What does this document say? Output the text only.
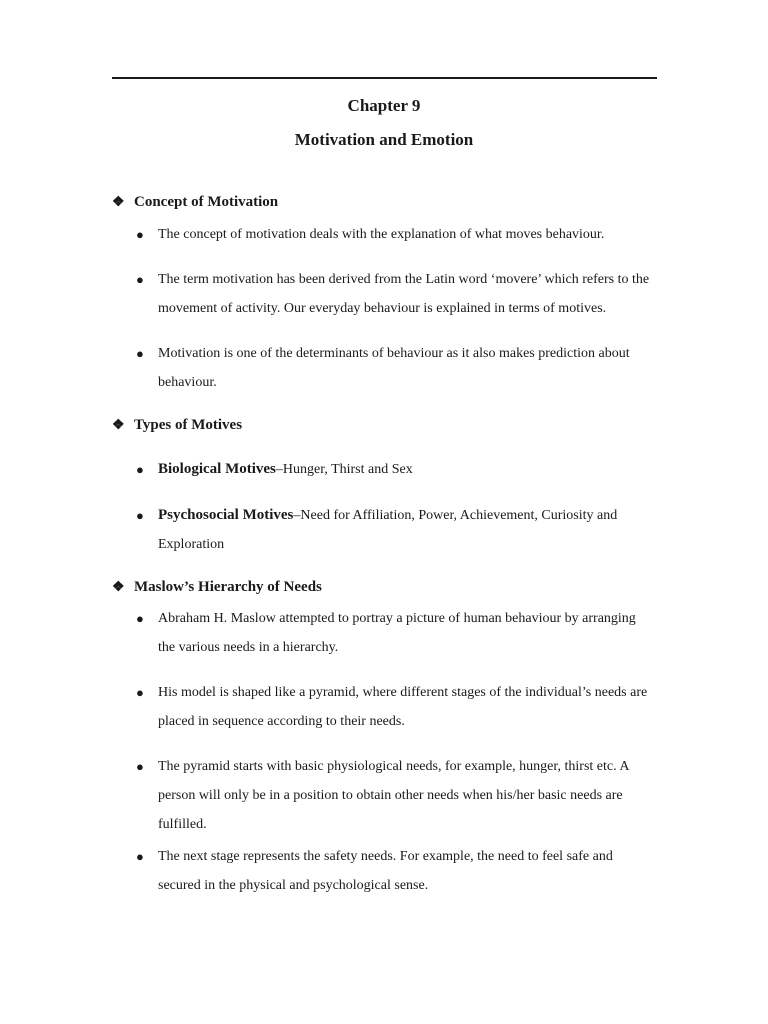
Chapter 9
Motivation and Emotion
❖ Concept of Motivation
● The concept of motivation deals with the explanation of what moves behaviour.
● The term motivation has been derived from the Latin word ‘movere’ which refers to the movement of activity. Our everyday behaviour is explained in terms of motives.
● Motivation is one of the determinants of behaviour as it also makes prediction about behaviour.
❖ Types of Motives
● Biological Motives–Hunger, Thirst and Sex
● Psychosocial Motives–Need for Affiliation, Power, Achievement, Curiosity and Exploration
❖ Maslow’s Hierarchy of Needs
● Abraham H. Maslow attempted to portray a picture of human behaviour by arranging the various needs in a hierarchy.
● His model is shaped like a pyramid, where different stages of the individual’s needs are placed in sequence according to their needs.
● The pyramid starts with basic physiological needs, for example, hunger, thirst etc. A person will only be in a position to obtain other needs when his/her basic needs are fulfilled.
● The next stage represents the safety needs. For example, the need to feel safe and secured in the physical and psychological sense.
